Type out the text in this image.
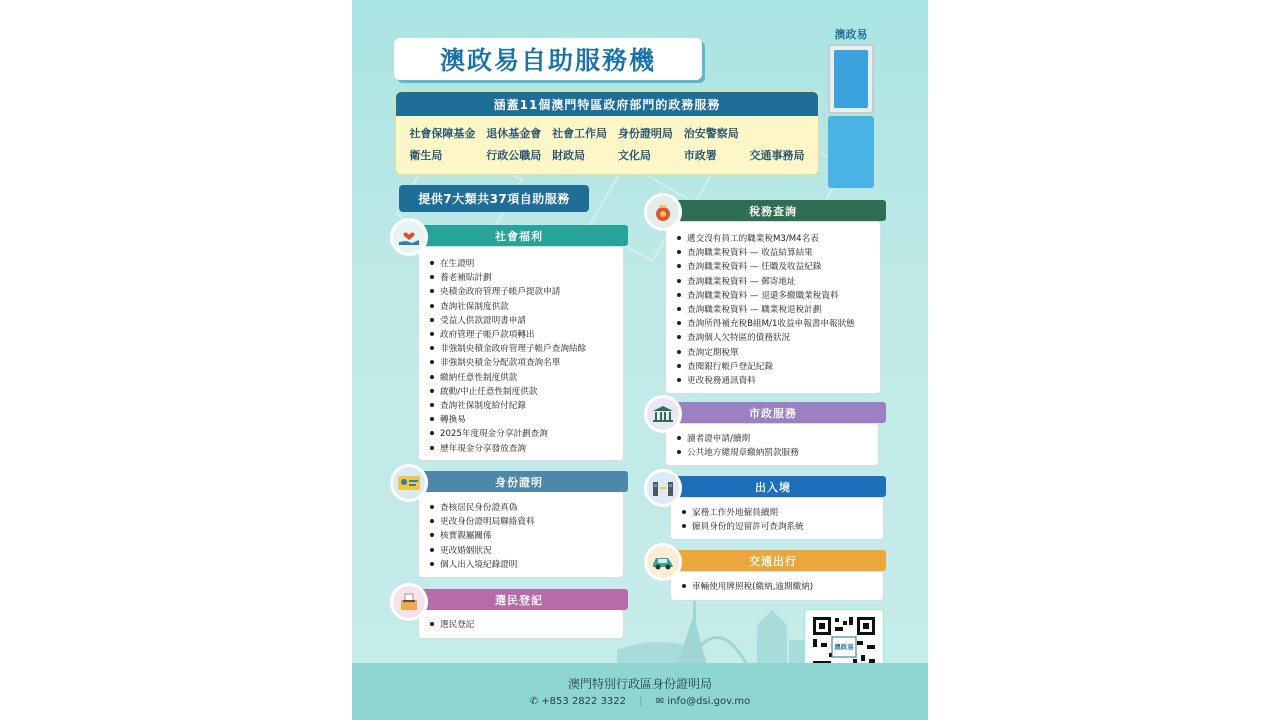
澳政易自助服務機
澳政易
涵蓋11個澳門特區政府部門的政務服務
社會保障基金 退休基金會 社會工作局 身份證明局 治安警察局
衛生局	行政公職局 財政局	文化局	市政署	交通事務局
提供7大類共37項自助服務
在生證明
養老補貼計劃
央積金政府管理子帳戶提款申請
查詢社保制度供款
受益人供款證明書申請
政府管理子帳戶款項轉出
非強制央積金政府管理子帳戶查詢結餘
非強制央積金分配款項查詢名單
繳納任意性制度供款
啟動/中止任意性制度供款
查詢社保制度給付紀錄
轉換易
2025年度現金分享計劃查詢
歷年現金分享發放查詢
社會福利
查核居民身份證真偽
更改身份證明局聯絡資料
核實親屬關係
更改婚姻狀況
個人出入境紀錄證明
身份證明
選民登記
選民登記
遞交沒有員工的職業稅M3/M4名表
查詢職業稅資料 — 收益結算結果
查詢職業稅資料 — 任職及收益紀錄
查詢職業稅資料 — 郵寄地址
查詢職業稅資料 — 退還多繳職業稅資料
查詢職業稅資料 — 職業稅退稅計劃
查詢所得補充稅B組M/1收益申報書申報狀態
查詢個人欠特區的債務狀況
查詢定期稅單
查閱銀行帳戶登記紀錄
更改稅務通訊資料
稅務查詢
讀者證申請/續期
公共地方總規章繳納罰款服務
市政服務
家務工作外地僱員續期
僱員身份的逗留許可查詢系統
出入境
車輛使用牌照稅(繳納,逾期繳納)
交通出行
澳政易
澳門特別行政區身份證明局
✆ +853 2822 3322 | ✉ info@dsi.gov.mo
